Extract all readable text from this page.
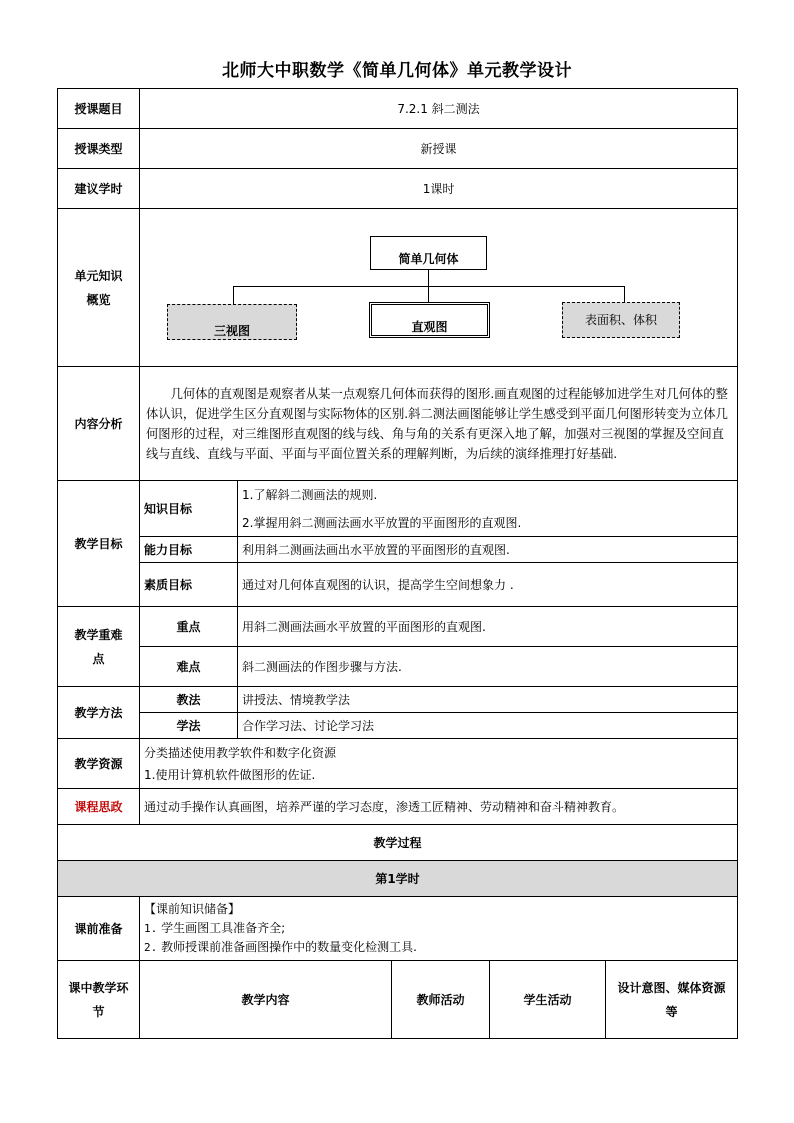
北师大中职数学《简单几何体》单元教学设计
授课题目	7.2.1 斜二测法				
授课类型	新授课				
建议学时	1课时				
单元知识概览	简单几何体
三视图 直观图 表面积、体积				

内容分析	几何体的直观图是观察者从某一点观察几何体而获得的图形.画直观图的过程能够加进学生对几何体的整体认识，促进学生区分直观图与实际物体的区别.斜二测法画图能够让学生感受到平面几何图形转变为立体几何图形的过程，对三维图形直观图的线与线、角与角的关系有更深入地了解，加强对三视图的掌握及空间直线与直线、直线与平面、平面与平面位置关系的理解判断，为后续的演绎推理打好基础.				

教学目标	知识目标	1.了解斜二测画法的规则.
2.掌握用斜二测画法画水平放置的平面图形的直观图.			

	能力目标	利用斜二测画法画出水平放置的平面图形的直观图.			
	素质目标	通过对几何体直观图的认识，提高学生空间想象力 .			
教学重难点	重点	用斜二测画法画水平放置的平面图形的直观图.			
	难点	斜二测画法的作图步骤与方法.			
教学方法	教法	讲授法、情境教学法			
	学法	合作学习法、讨论学习法			
教学资源	分类描述使用教学软件和数字化资源
1.使用计算机软件做图形的佐证.				

课程思政	通过动手操作认真画图，培养严谨的学习态度，渗透工匠精神、劳动精神和奋斗精神教育。				
教学过程					
第1学时					
课前准备	【课前知识储备】
1. 学生画图工具准备齐全;
2. 教师授课前准备画图操作中的数量变化检测工具.				

课中教学环节	教学内容		教师活动	学生活动	设计意图、媒体资源等
